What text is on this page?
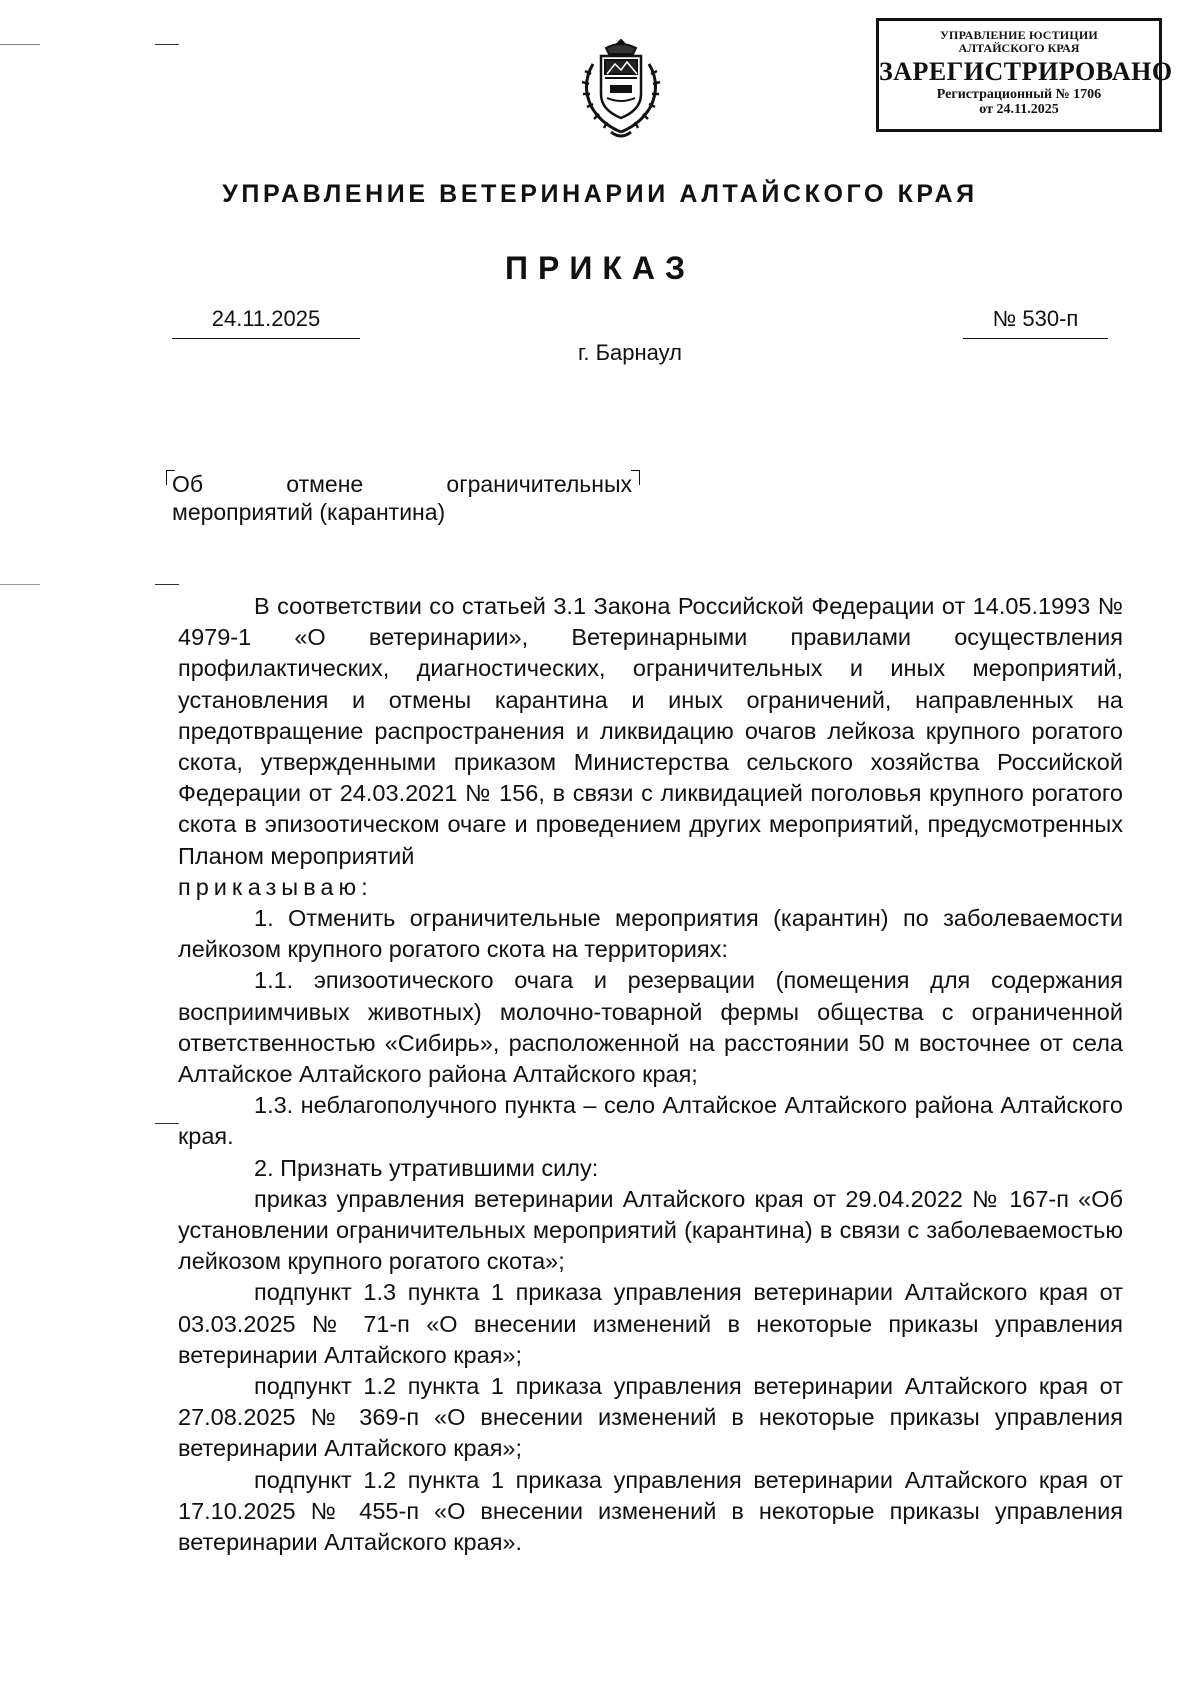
УПРАВЛЕНИЕ ЮСТИЦИИ
АЛТАЙСКОГО КРАЯ
ЗАРЕГИСТРИРОВАНО
Регистрационный № 1706
от 24.11.2025
УПРАВЛЕНИЕ ВЕТЕРИНАРИИ АЛТАЙСКОГО КРАЯ
ПРИКАЗ
24.11.2025	№ 530-п
г. Барнаул
Об	отмене	ограничительных
мероприятий (карантина)

В соответствии со статьей 3.1 Закона Российской Федерации от 14.05.1993 № 4979-1 «О ветеринарии», Ветеринарными правилами осуществления профилактических, диагностических, ограничительных и иных мероприятий, установления и отмены карантина и иных ограничений, направленных на предотвращение распространения и ликвидацию очагов лейкоза крупного рогатого скота, утвержденными приказом Министерства сельского хозяйства Российской Федерации от 24.03.2021 № 156, в связи с ликвидацией поголовья крупного рогатого скота в эпизоотическом очаге и проведением других мероприятий, предусмотренных Планом мероприятий

приказываю:

1. Отменить ограничительные мероприятия (карантин) по заболеваемости лейкозом крупного рогатого скота на территориях:

1.1. эпизоотического очага и резервации (помещения для содержания восприимчивых животных) молочно-товарной фермы общества с ограниченной ответственностью «Сибирь», расположенной на расстоянии 50 м восточнее от села Алтайское Алтайского района Алтайского края;

1.3. неблагополучного пункта – село Алтайское Алтайского района Алтайского края.

2. Признать утратившими силу:

приказ управления ветеринарии Алтайского края от 29.04.2022 № 167-п «Об установлении ограничительных мероприятий (карантина) в связи с заболеваемостью лейкозом крупного рогатого скота»;

подпункт 1.3 пункта 1 приказа управления ветеринарии Алтайского края от 03.03.2025 № 71-п «О внесении изменений в некоторые приказы управления ветеринарии Алтайского края»;

подпункт 1.2 пункта 1 приказа управления ветеринарии Алтайского края от 27.08.2025 № 369-п «О внесении изменений в некоторые приказы управления ветеринарии Алтайского края»;

подпункт 1.2 пункта 1 приказа управления ветеринарии Алтайского края от 17.10.2025 № 455-п «О внесении изменений в некоторые приказы управления ветеринарии Алтайского края».
